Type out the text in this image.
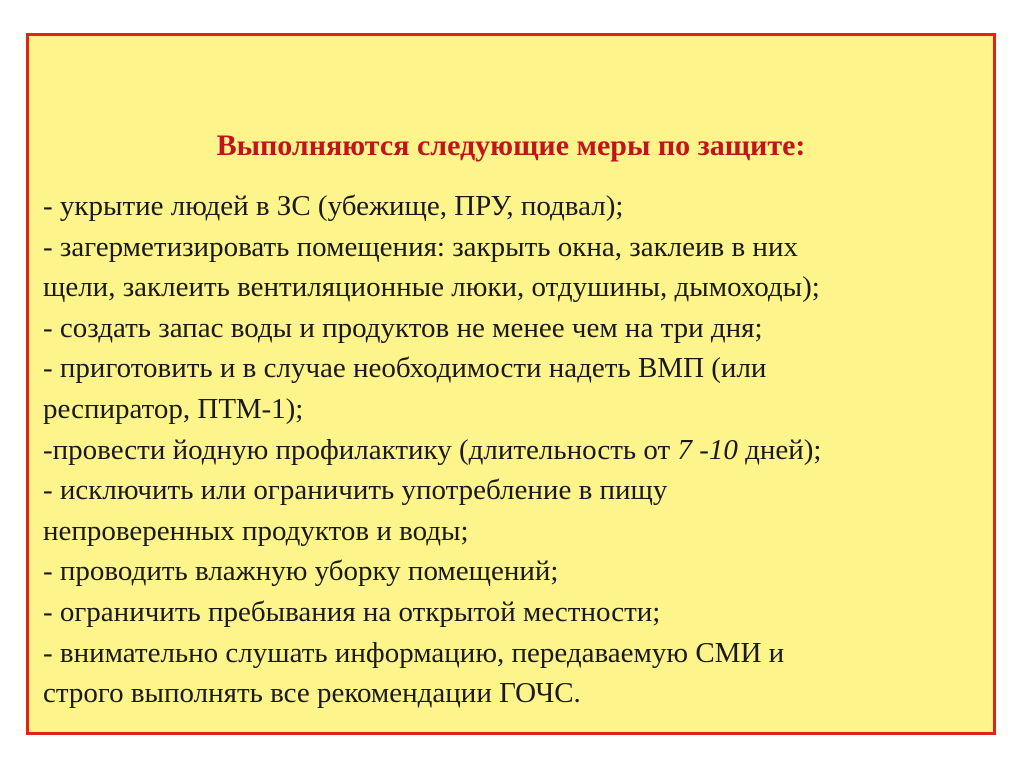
Выполняются следующие меры по защите:
- укрытие людей в ЗС (убежище, ПРУ, подвал);
- загерметизировать помещения: закрыть окна, заклеив в них
щели, заклеить вентиляционные люки, отдушины, дымоходы);
- создать запас воды и продуктов не менее чем на три дня;
- приготовить и в случае необходимости надеть ВМП (или
респиратор, ПТМ-1);
-провести йодную профилактику (длительность от 7 -10 дней);
- исключить или ограничить употребление в пищу
непроверенных продуктов и воды;
- проводить влажную уборку помещений;
- ограничить пребывания на открытой местности;
- внимательно слушать информацию, передаваемую СМИ и
строго выполнять все рекомендации ГОЧС.
